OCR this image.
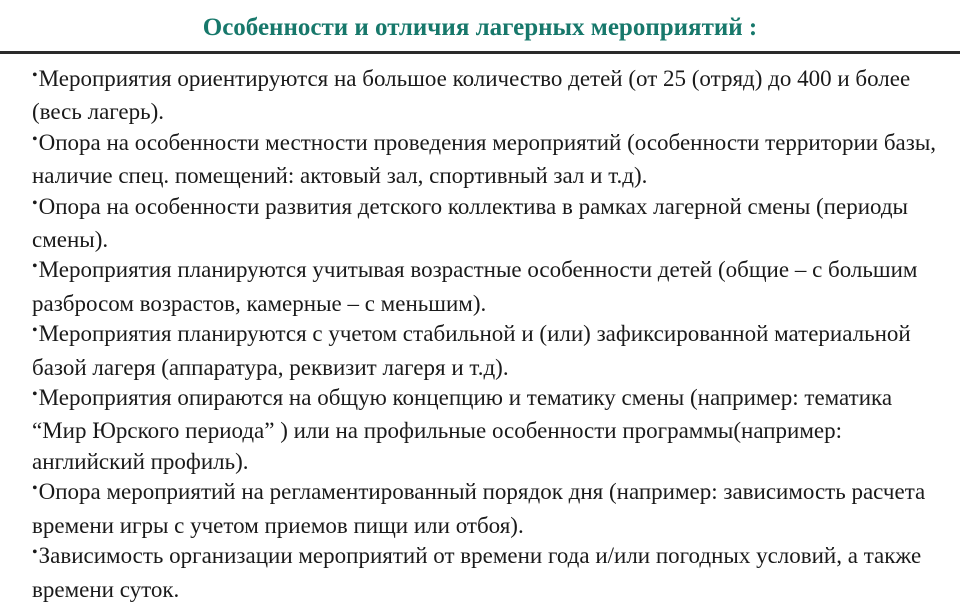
Особенности и отличия лагерных мероприятий :
•Мероприятия ориентируются на большое количество детей (от 25 (отряд) до 400 и более (весь лагерь).
•Опора на особенности местности проведения мероприятий (особенности территории базы, наличие спец. помещений: актовый зал, спортивный зал и т.д).
•Опора на особенности развития детского коллектива в рамках лагерной смены (периоды смены).
•Мероприятия планируются учитывая возрастные особенности детей (общие – с большим разбросом возрастов, камерные – с меньшим).
•Мероприятия планируются с учетом стабильной и (или) зафиксированной материальной базой лагеря (аппаратура, реквизит лагеря и т.д).
•Мероприятия опираются на общую концепцию и тематику смены (например: тематика “Мир Юрского периода” ) или на профильные особенности программы(например: английский профиль).
•Опора мероприятий на регламентированный порядок дня (например: зависимость расчета времени игры с учетом приемов пищи или отбоя).
•Зависимость организации мероприятий от времени года и/или погодных условий, а также времени суток.
